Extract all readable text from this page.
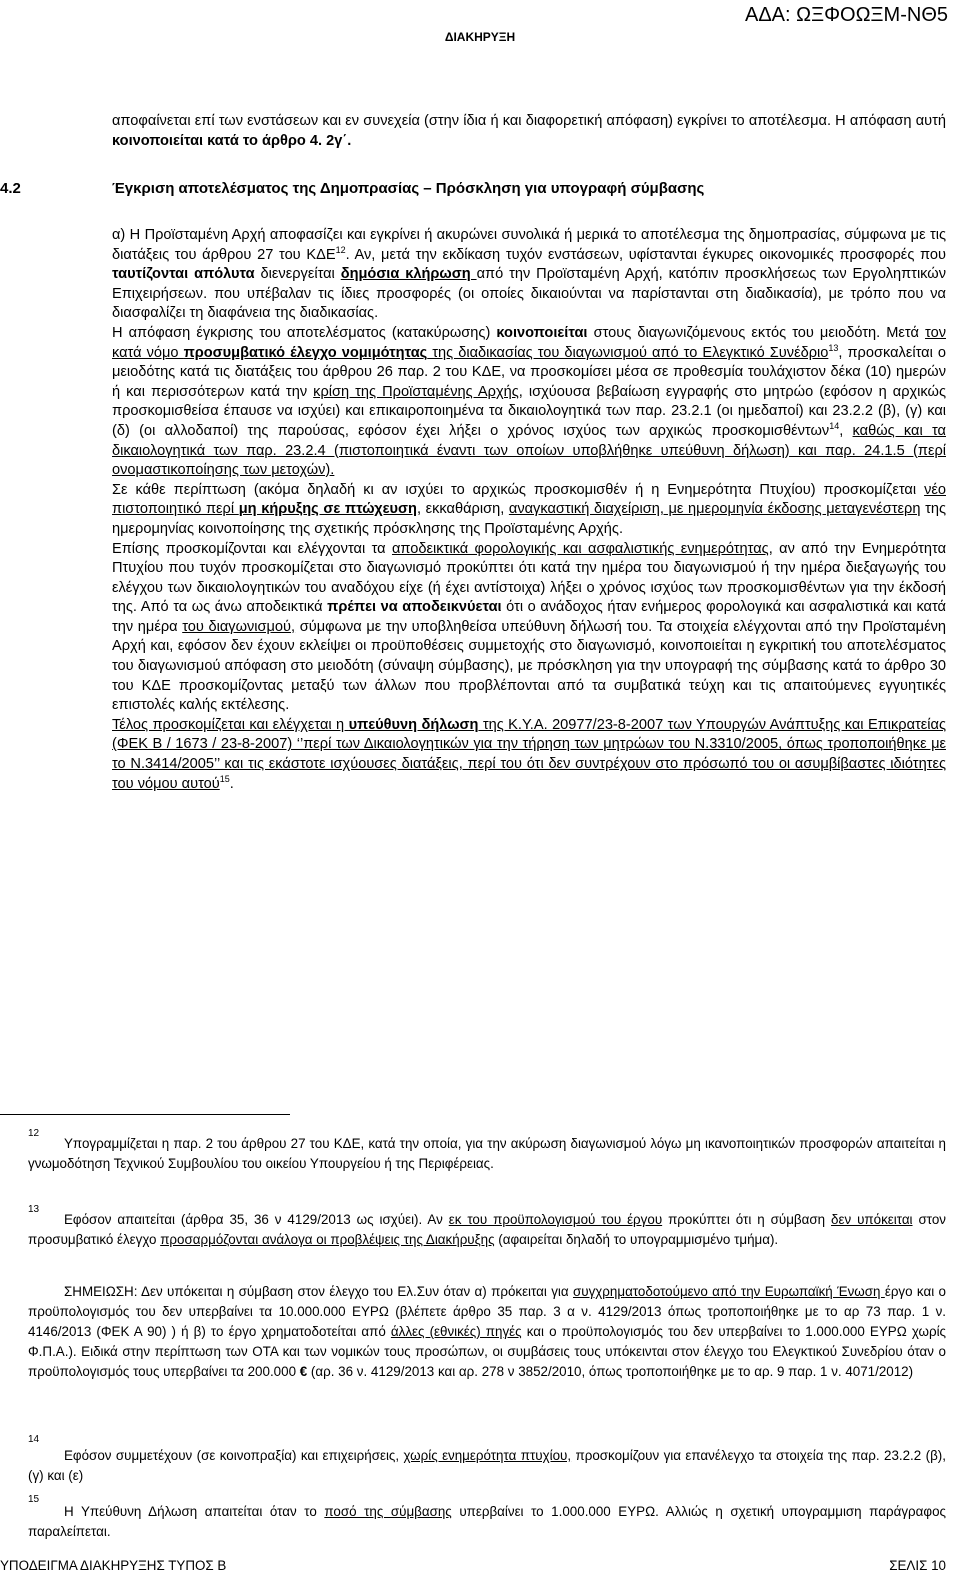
ΑΔΑ: ΩΞΦΟΩΞΜ-ΝΘ5
ΔΙΑΚΗΡΥΞΗ

αποφαίνεται επί των ενστάσεων και εν συνεχεία (στην ίδια ή και διαφορετική απόφαση) εγκρίνει το αποτέλεσμα. Η απόφαση αυτή κοινοποιείται κατά το άρθρο 4. 2γ΄.

4.2	Έγκριση αποτελέσματος της Δημοπρασίας – Πρόσκληση για υπογραφή σύμβασης

α) Η Προϊσταμένη Αρχή αποφασίζει και εγκρίνει ή ακυρώνει συνολικά ή μερικά το αποτέλεσμα της δημοπρασίας, σύμφωνα με τις διατάξεις του άρθρου 27 του ΚΔΕ$^{12}$. Αν, μετά την εκδίκαση τυχόν ενστάσεων, υφίστανται έγκυρες οικονομικές προσφορές που ταυτίζονται απόλυτα διενεργείται δημόσια κλήρωση από την Προϊσταμένη Αρχή, κατόπιν προσκλήσεως των Εργοληπτικών Επιχειρήσεων. που υπέβαλαν τις ίδιες προσφορές (οι οποίες δικαιούνται να παρίστανται στη διαδικασία), με τρόπο που να διασφαλίζει τη διαφάνεια της διαδικασίας.
Η απόφαση έγκρισης του αποτελέσματος (κατακύρωσης) κοινοποιείται στους διαγωνιζόμενους εκτός του μειοδότη. Μετά τον κατά νόμο προσυμβατικό έλεγχο νομιμότητας της διαδικασίας του διαγωνισμού από το Ελεγκτικό Συνέδριο$^{13}$, προσκαλείται ο μειοδότης κατά τις διατάξεις του άρθρου 26 παρ. 2 του ΚΔΕ, να προσκομίσει μέσα σε προθεσμία τουλάχιστον δέκα (10) ημερών ή και περισσότερων κατά την κρίση της Προϊσταμένης Αρχής, ισχύουσα βεβαίωση εγγραφής στο μητρώο (εφόσον η αρχικώς προσκομισθείσα έπαυσε να ισχύει) και επικαιροποιημένα τα δικαιολογητικά των παρ. 23.2.1 (οι ημεδαποί) και 23.2.2 (β), (γ) και (δ) (οι αλλοδαποί) της παρούσας, εφόσον έχει λήξει ο χρόνος ισχύος των αρχικώς προσκομισθέντων$^{14}$, καθώς και τα δικαιολογητικά των παρ. 23.2.4 (πιστοποιητικά έναντι των οποίων υποβλήθηκε υπεύθυνη δήλωση) και παρ. 24.1.5 (περί ονομαστικοποίησης των μετοχών).
Σε κάθε περίπτωση (ακόμα δηλαδή κι αν ισχύει το αρχικώς προσκομισθέν ή η Ενημερότητα Πτυχίου) προσκομίζεται νέο πιστοποιητικό περί μη κήρυξης σε πτώχευση, εκκαθάριση, αναγκαστική διαχείριση, με ημερομηνία έκδοσης μεταγενέστερη της ημερομηνίας κοινοποίησης της σχετικής πρόσκλησης της Προϊσταμένης Αρχής.
Επίσης προσκομίζονται και ελέγχονται τα αποδεικτικά φορολογικής και ασφαλιστικής ενημερότητας, αν από την Ενημερότητα Πτυχίου που τυχόν προσκομίζεται στο διαγωνισμό προκύπτει ότι κατά την ημέρα του διαγωνισμού ή την ημέρα διεξαγωγής του ελέγχου των δικαιολογητικών του αναδόχου είχε (ή έχει αντίστοιχα) λήξει ο χρόνος ισχύος των προσκομισθέντων για την έκδοσή της. Από τα ως άνω αποδεικτικά πρέπει να αποδεικνύεται ότι ο ανάδοχος ήταν ενήμερος φορολογικά και ασφαλιστικά και κατά την ημέρα του διαγωνισμού, σύμφωνα με την υποβληθείσα υπεύθυνη δήλωσή του. Τα στοιχεία ελέγχονται από την Προϊσταμένη Αρχή και, εφόσον δεν έχουν εκλείψει οι προϋποθέσεις συμμετοχής στο διαγωνισμό, κοινοποιείται η εγκριτική του αποτελέσματος του διαγωνισμού απόφαση στο μειοδότη (σύναψη σύμβασης), με πρόσκληση για την υπογραφή της σύμβασης κατά το άρθρο 30 του ΚΔΕ προσκομίζοντας μεταξύ των άλλων που προβλέπονται από τα συμβατικά τεύχη και τις απαιτούμενες εγγυητικές επιστολές καλής εκτέλεσης.
Τέλος προσκομίζεται και ελέγχεται η υπεύθυνη δήλωση της Κ.Υ.Α. 20977/23-8-2007 των Υπουργών Ανάπτυξης και Επικρατείας (ΦΕΚ Β / 1673 / 23-8-2007) ‘’περί των Δικαιολογητικών για την τήρηση των μητρώων του Ν.3310/2005, όπως τροποποιήθηκε με το Ν.3414/2005’’ και τις εκάστοτε ισχύουσες διατάξεις, περί του ότι δεν συντρέχουν στο πρόσωπό του οι ασυμβίβαστες ιδιότητες του νόμου αυτού$^{15}$.

12

Υπογραμμίζεται η παρ. 2 του άρθρου 27 του ΚΔΕ, κατά την οποία, για την ακύρωση διαγωνισμού λόγω μη ικανοποιητικών προσφορών απαιτείται η γνωμοδότηση Τεχνικού Συμβουλίου του οικείου Υπουργείου ή της Περιφέρειας.

13

Εφόσον απαιτείται (άρθρα 35, 36 ν 4129/2013 ως ισχύει). Αν εκ του προϋπολογισμού του έργου προκύπτει ότι η σύμβαση δεν υπόκειται στον προσυμβατικό έλεγχο προσαρμόζονται ανάλογα οι προβλέψεις της Διακήρυξης (αφαιρείται δηλαδή το υπογραμμισμένο τμήμα).

ΣΗΜΕΙΩΣΗ: Δεν υπόκειται η σύμβαση στον έλεγχο του Ελ.Συν όταν α) πρόκειται για συγχρηματοδοτούμενο από την Ευρωπαϊκή Ένωση έργο και ο προϋπολογισμός του δεν υπερβαίνει τα 10.000.000 ΕΥΡΩ (βλέπετε άρθρο 35 παρ. 3 α ν. 4129/2013 όπως τροποποιήθηκε με το αρ 73 παρ. 1 ν. 4146/2013 (ΦΕΚ Α 90) ) ή β) το έργο χρηματοδοτείται από άλλες (εθνικές) πηγές και ο προϋπολογισμός του δεν υπερβαίνει το 1.000.000 ΕΥΡΩ χωρίς Φ.Π.Α.). Ειδικά στην περίπτωση των ΟΤΑ και των νομικών τους προσώπων, οι συμβάσεις τους υπόκεινται στον έλεγχο του Ελεγκτικού Συνεδρίου όταν ο προϋπολογισμός τους υπερβαίνει τα 200.000 € (αρ. 36 ν. 4129/2013 και αρ. 278 ν 3852/2010, όπως τροποποιήθηκε με το αρ. 9 παρ. 1 ν. 4071/2012)

14

Εφόσον συμμετέχουν (σε κοινοπραξία) και επιχειρήσεις, χωρίς ενημερότητα πτυχίου, προσκομίζουν για επανέλεγχο τα στοιχεία της παρ. 23.2.2 (β), (γ) και (ε)

15

Η Υπεύθυνη Δήλωση απαιτείται όταν το ποσό της σύμβασης υπερβαίνει το 1.000.000 ΕΥΡΩ. Αλλιώς η σχετική υπογραμμιση παράγραφος παραλείπεται.

ΥΠΟΔΕΙΓΜΑ ΔΙΑΚΗΡΥΞΗΣ ΤΥΠΟΣ Β	ΣΕΛΙΣ 10
